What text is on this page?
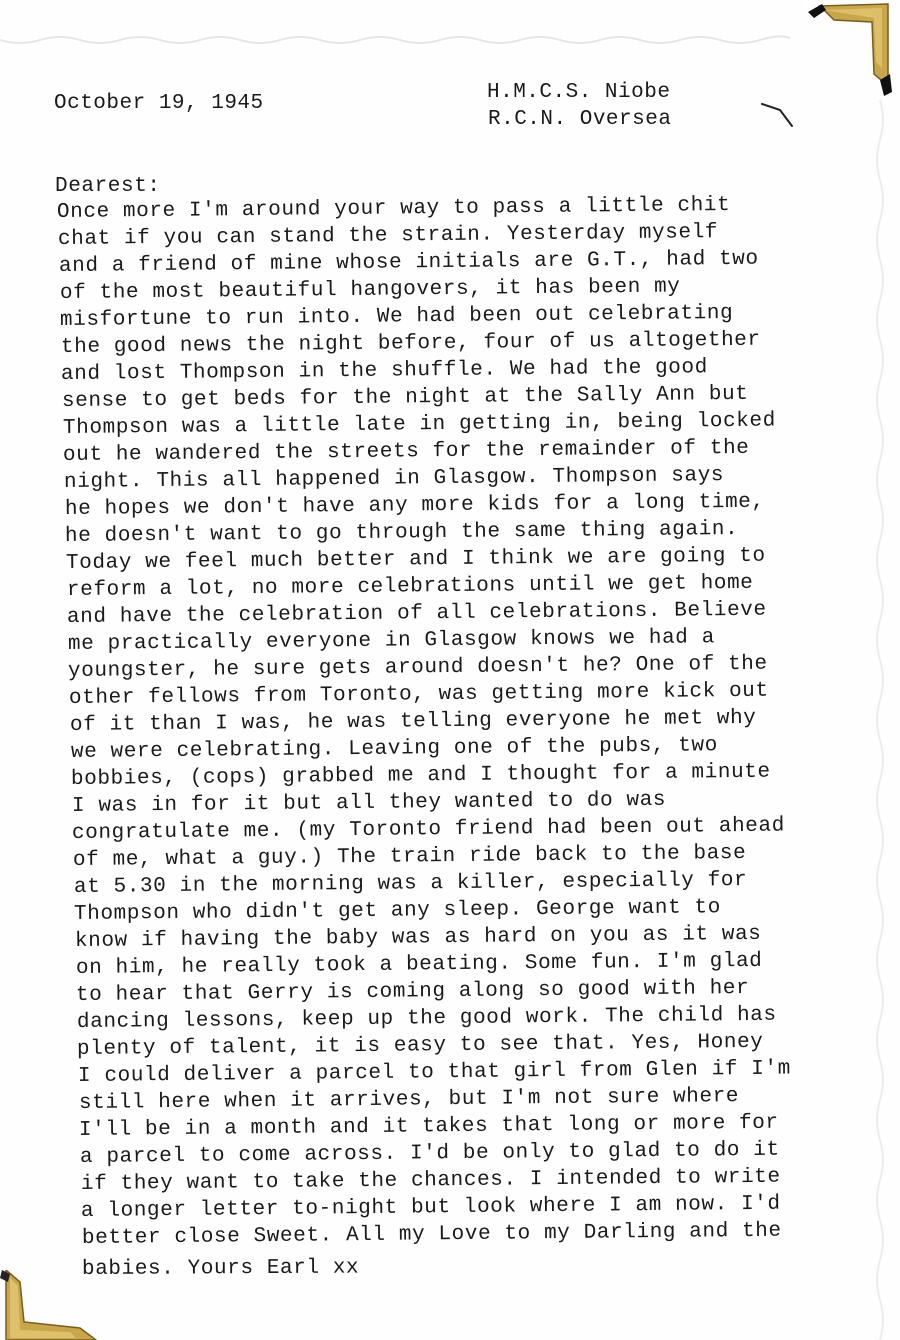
October 19, 1945	H.M.C.S. Niobe
R.C.N. Oversea
Dearest:
Once more I'm around your way to pass a little chit
chat if you can stand the strain. Yesterday myself
and a friend of mine whose initials are G.T., had two
of the most beautiful hangovers, it has been my
misfortune to run into. We had been out celebrating
the good news the night before, four of us altogether
and lost Thompson in the shuffle. We had the good
sense to get beds for the night at the Sally Ann but
Thompson was a little late in getting in, being locked
out he wandered the streets for the remainder of the
night. This all happened in Glasgow. Thompson says
he hopes we don't have any more kids for a long time,
he doesn't want to go through the same thing again.
Today we feel much better and I think we are going to
reform a lot, no more celebrations until we get home
and have the celebration of all celebrations. Believe
me practically everyone in Glasgow knows we had a
youngster, he sure gets around doesn't he? One of the
other fellows from Toronto, was getting more kick out
of it than I was, he was telling everyone he met why
we were celebrating. Leaving one of the pubs, two
bobbies, (cops) grabbed me and I thought for a minute
I was in for it but all they wanted to do was
congratulate me. (my Toronto friend had been out ahead
of me, what a guy.) The train ride back to the base
at 5.30 in the morning was a killer, especially for
Thompson who didn't get any sleep. George want to
know if having the baby was as hard on you as it was
on him, he really took a beating. Some fun. I'm glad
to hear that Gerry is coming along so good with her
dancing lessons, keep up the good work. The child has
plenty of talent, it is easy to see that. Yes, Honey
I could deliver a parcel to that girl from Glen if I'm
still here when it arrives, but I'm not sure where
I'll be in a month and it takes that long or more for
a parcel to come across. I'd be only to glad to do it
if they want to take the chances. I intended to write
a longer letter to-night but look where I am now. I'd
better close Sweet. All my Love to my Darling and the
babies. Yours Earl xx
